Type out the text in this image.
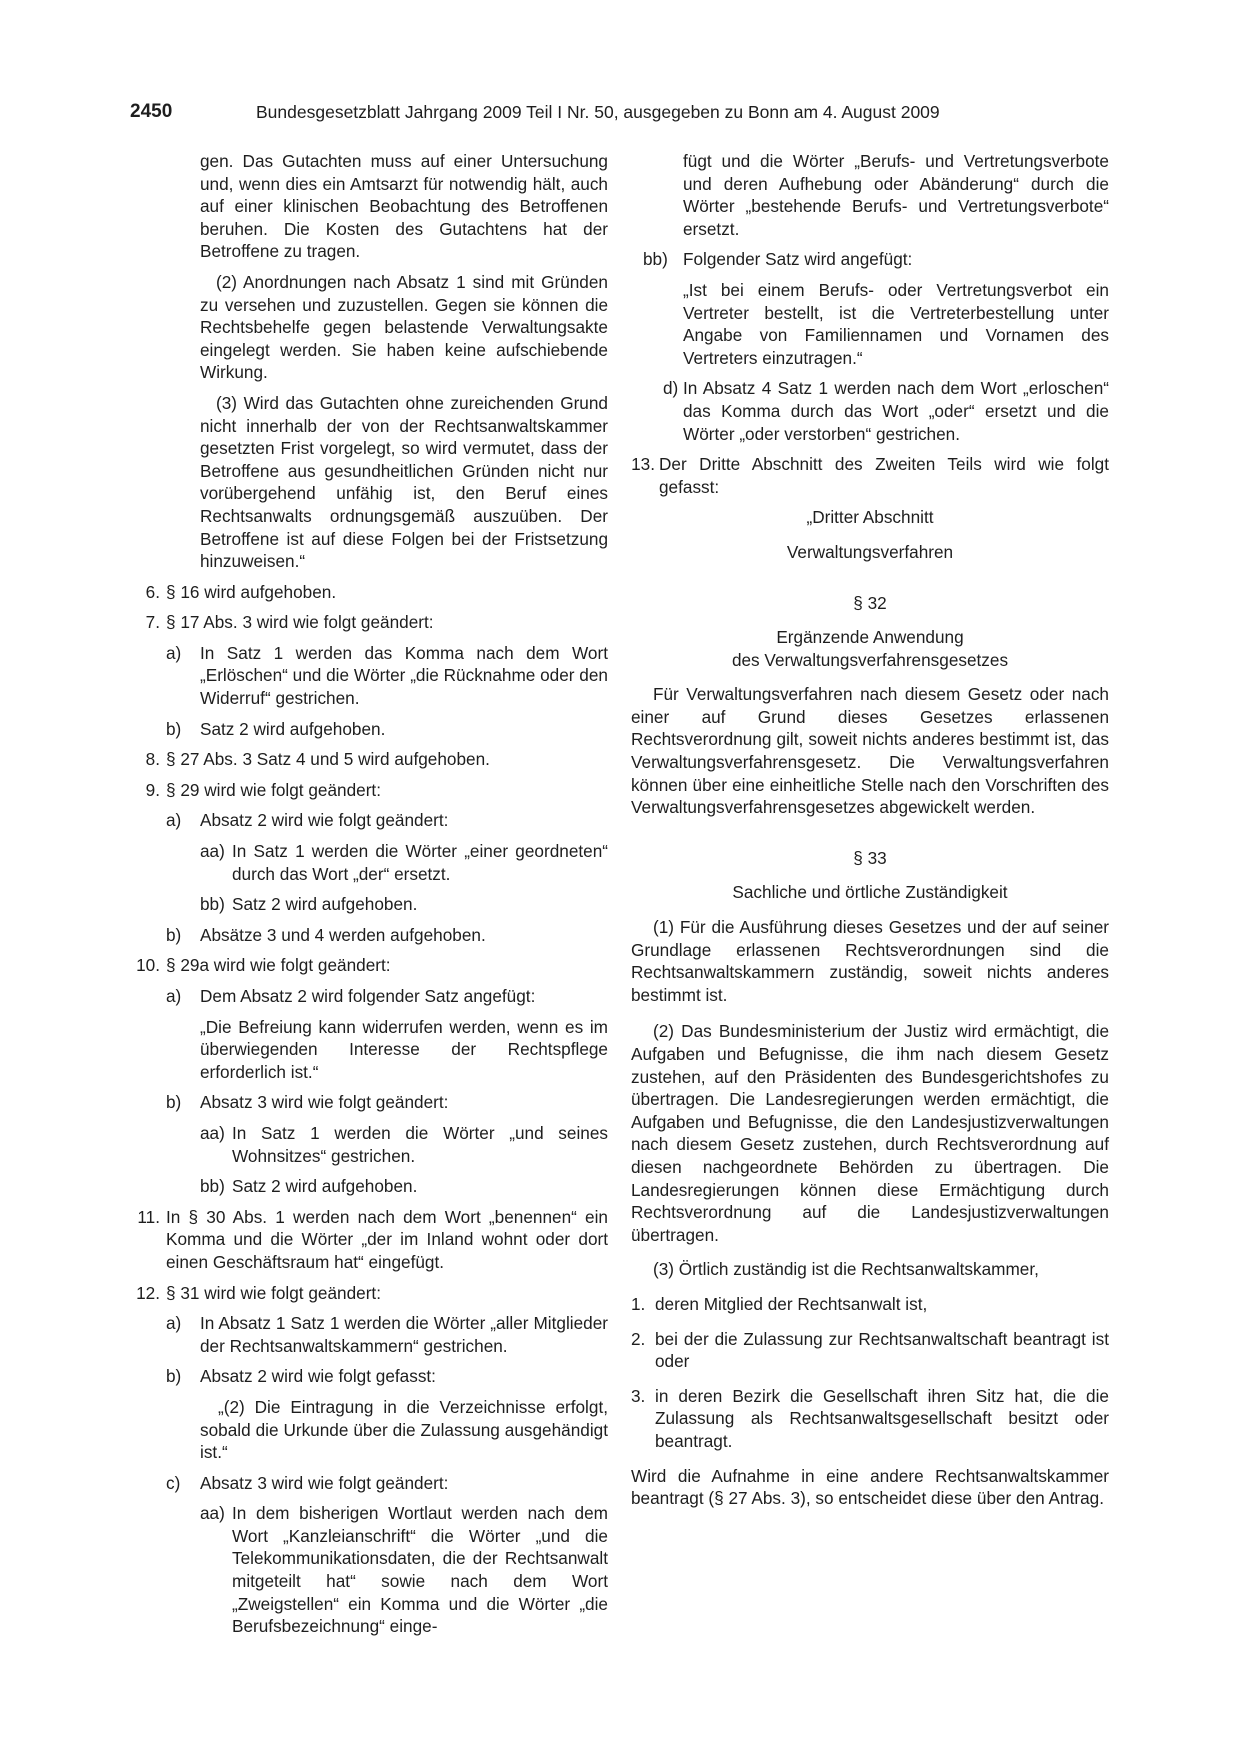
2450	Bundesgesetzblatt Jahrgang 2009 Teil I Nr. 50, ausgegeben zu Bonn am 4. August 2009

gen. Das Gutachten muss auf einer Untersuchung und, wenn dies ein Amtsarzt für notwendig hält, auch auf einer klinischen Beobachtung des Betroffenen beruhen. Die Kosten des Gutachtens hat der Betroffene zu tragen.

(2) Anordnungen nach Absatz 1 sind mit Gründen zu versehen und zuzustellen. Gegen sie können die Rechtsbehelfe gegen belastende Verwaltungsakte eingelegt werden. Sie haben keine aufschiebende Wirkung.

(3) Wird das Gutachten ohne zureichenden Grund nicht innerhalb der von der Rechtsanwaltskammer gesetzten Frist vorgelegt, so wird vermutet, dass der Betroffene aus gesundheitlichen Gründen nicht nur vorübergehend unfähig ist, den Beruf eines Rechtsanwalts ordnungsgemäß auszuüben. Der Betroffene ist auf diese Folgen bei der Fristsetzung hinzuweisen.“

6. § 16 wird aufgehoben.
7. § 17 Abs. 3 wird wie folgt geändert:
a) In Satz 1 werden das Komma nach dem Wort „Erlöschen“ und die Wörter „die Rücknahme oder den Widerruf“ gestrichen.
b) Satz 2 wird aufgehoben.
8. § 27 Abs. 3 Satz 4 und 5 wird aufgehoben.
9. § 29 wird wie folgt geändert:
a) Absatz 2 wird wie folgt geändert:
aa) In Satz 1 werden die Wörter „einer geordneten“ durch das Wort „der“ ersetzt.
bb) Satz 2 wird aufgehoben.
b) Absätze 3 und 4 werden aufgehoben.
10. § 29a wird wie folgt geändert:
a) Dem Absatz 2 wird folgender Satz angefügt:

„Die Befreiung kann widerrufen werden, wenn es im überwiegenden Interesse der Rechtspflege erforderlich ist.“

b) Absatz 3 wird wie folgt geändert:
aa) In Satz 1 werden die Wörter „und seines Wohnsitzes“ gestrichen.
bb) Satz 2 wird aufgehoben.
11. In § 30 Abs. 1 werden nach dem Wort „benennen“ ein Komma und die Wörter „der im Inland wohnt oder dort einen Geschäftsraum hat“ eingefügt.
12. § 31 wird wie folgt geändert:
a) In Absatz 1 Satz 1 werden die Wörter „aller Mitglieder der Rechtsanwaltskammern“ gestrichen.
b) Absatz 2 wird wie folgt gefasst:

„(2) Die Eintragung in die Verzeichnisse erfolgt, sobald die Urkunde über die Zulassung ausgehändigt ist.“

c) Absatz 3 wird wie folgt geändert:
aa) In dem bisherigen Wortlaut werden nach dem Wort „Kanzleianschrift“ die Wörter „und die Telekommunikationsdaten, die der Rechtsanwalt mitgeteilt hat“ sowie nach dem Wort „Zweigstellen“ ein Komma und die Wörter „die Berufsbezeichnung“ einge-

fügt und die Wörter „Berufs- und Vertretungsverbote und deren Aufhebung oder Abänderung“ durch die Wörter „bestehende Berufs- und Vertretungsverbote“ ersetzt.

bb) Folgender Satz wird angefügt:

„Ist bei einem Berufs- oder Vertretungsverbot ein Vertreter bestellt, ist die Vertreterbestellung unter Angabe von Familiennamen und Vornamen des Vertreters einzutragen.“

d) In Absatz 4 Satz 1 werden nach dem Wort „erloschen“ das Komma durch das Wort „oder“ ersetzt und die Wörter „oder verstorben“ gestrichen.
13. Der Dritte Abschnitt des Zweiten Teils wird wie folgt gefasst:

„Dritter Abschnitt

Verwaltungsverfahren

§ 32

Ergänzende Anwendung

des Verwaltungsverfahrensgesetzes

Für Verwaltungsverfahren nach diesem Gesetz oder nach einer auf Grund dieses Gesetzes erlassenen Rechtsverordnung gilt, soweit nichts anderes bestimmt ist, das Verwaltungsverfahrensgesetz. Die Verwaltungsverfahren können über eine einheitliche Stelle nach den Vorschriften des Verwaltungsverfahrensgesetzes abgewickelt werden.

§ 33

Sachliche und örtliche Zuständigkeit

(1) Für die Ausführung dieses Gesetzes und der auf seiner Grundlage erlassenen Rechtsverordnungen sind die Rechtsanwaltskammern zuständig, soweit nichts anderes bestimmt ist.

(2) Das Bundesministerium der Justiz wird ermächtigt, die Aufgaben und Befugnisse, die ihm nach diesem Gesetz zustehen, auf den Präsidenten des Bundesgerichtshofes zu übertragen. Die Landesregierungen werden ermächtigt, die Aufgaben und Befugnisse, die den Landesjustizverwaltungen nach diesem Gesetz zustehen, durch Rechtsverordnung auf diesen nachgeordnete Behörden zu übertragen. Die Landesregierungen können diese Ermächtigung durch Rechtsverordnung auf die Landesjustizverwaltungen übertragen.

(3) Örtlich zuständig ist die Rechtsanwaltskammer,

1. deren Mitglied der Rechtsanwalt ist,
2. bei der die Zulassung zur Rechtsanwaltschaft beantragt ist oder
3. in deren Bezirk die Gesellschaft ihren Sitz hat, die die Zulassung als Rechtsanwaltsgesellschaft besitzt oder beantragt.

Wird die Aufnahme in eine andere Rechtsanwaltskammer beantragt (§ 27 Abs. 3), so entscheidet diese über den Antrag.
